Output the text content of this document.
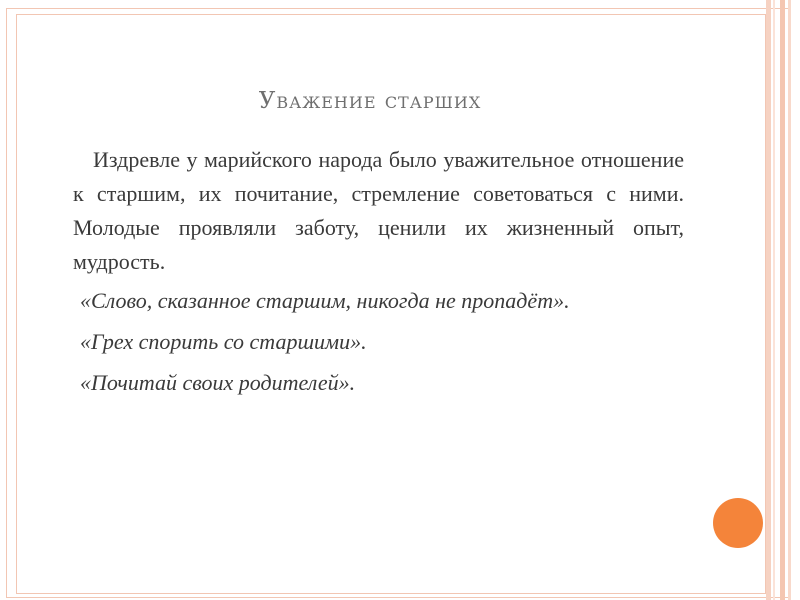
Уважение старших

Издревле у марийского народа было уважительное отношение к старшим, их почитание, стремление советоваться с ними. Молодые проявляли заботу, ценили их жизненный опыт, мудрость.

«Слово, сказанное старшим, никогда не пропадёт».

«Грех спорить со старшими».

«Почитай своих родителей».
